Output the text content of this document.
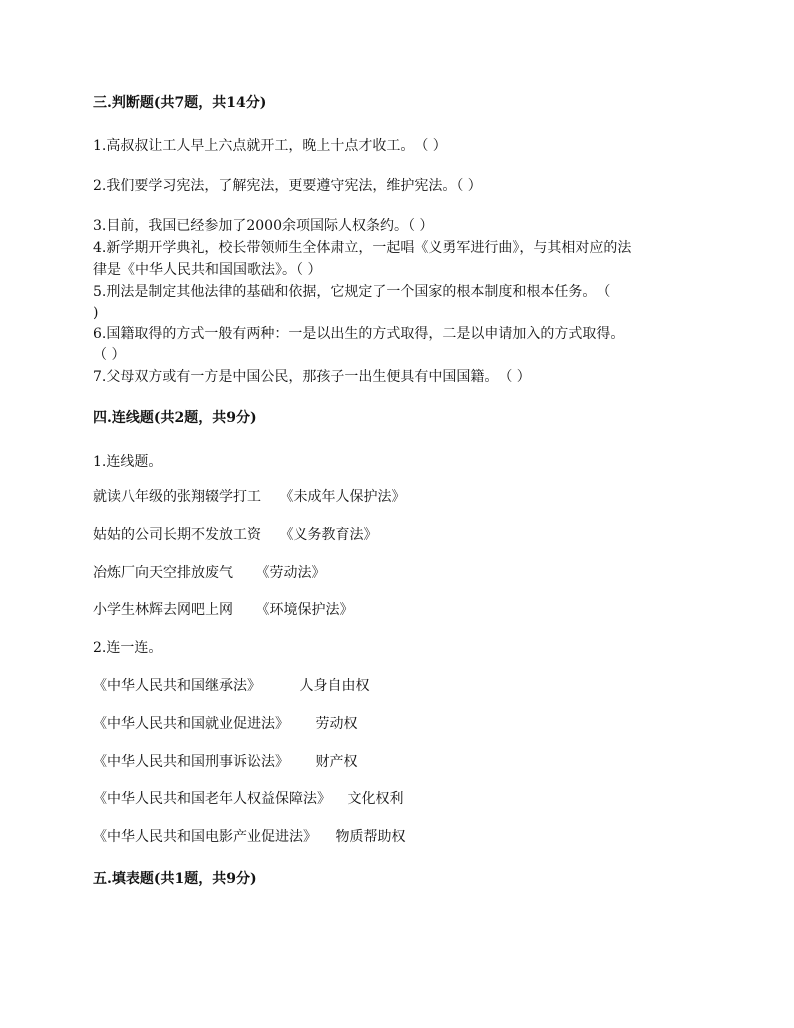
三.判断题(共7题，共14分)
1.高叔叔让工人早上六点就开工，晚上十点才收工。　（ ）
2.我们要学习宪法，了解宪法，更要遵守宪法，维护宪法。（ ）
3.目前，我国已经参加了2000余项国际人权条约。（ ）
4.新学期开学典礼，校长带领师生全体肃立，一起唱《义勇军进行曲》，与其相对应的法
律是《中华人民共和国国歌法》。（ ）
5.刑法是制定其他法律的基础和依据，它规定了一个国家的根本制度和根本任务。　（
)
6.国籍取得的方式一般有两种：一是以出生的方式取得，二是以申请加入的方式取得。
（ ）
7.父母双方或有一方是中国公民，那孩子一出生便具有中国国籍。　（ ）
四.连线题(共2题，共9分)
1.连线题。
就读八年级的张翔辍学打工 《未成年人保护法》
姑姑的公司长期不发放工资 《义务教育法》
冶炼厂向天空排放废气 《劳动法》
小学生林辉去网吧上网 《环境保护法》
2.连一连。
《中华人民共和国继承法》	人身自由权
《中华人民共和国就业促进法》 劳动权
《中华人民共和国刑事诉讼法》 财产权
《中华人民共和国老年人权益保障法》 文化权利
《中华人民共和国电影产业促进法》 物质帮助权
五.填表题(共1题，共9分)
